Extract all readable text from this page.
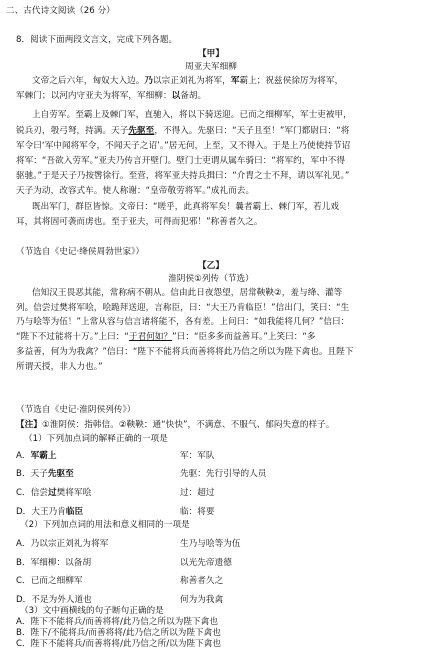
二、古代诗文阅读（26 分）
8．阅读下面两段文言文，完成下列各题。
【甲】
周亚夫军细柳
文帝之后六年，匈奴大入边。乃以宗正刘礼为将军，军霸上；祝兹侯徐厉为将军，
军棘门；以河内守亚夫为将军，军细柳：以备胡。
上自劳军。至霸上及棘门军，直驰入，将以下骑送迎。已而之细柳军，军士吏被甲，
锐兵刃，彀弓弩，持满。天子先驱至，不得入。先驱曰：“天子且至！”军门都尉曰：“将
军令曰‘军中闻将军令，不闻天子之诏’。”居无何，上至，又不得入。于是上乃使使持节诏
将军：“吾欲入劳军。”亚夫乃传言开壁门。壁门士吏谓从属车骑曰：“将军约，军中不得
驱驰。”于是天子乃按辔徐行。至营，将军亚夫持兵揖曰：“介胄之士不拜，请以军礼见。”
天子为动，改容式车。使人称谢：“皇帝敬劳将军。”成礼而去。
既出军门，群臣皆惊。文帝曰：“嗟乎，此真将军矣！曩者霸上、棘门军，若儿戏
耳，其将固可袭而虏也。至于亚夫，可得而犯邪！”称善者久之。
（节选自《史记·绛侯周勃世家》）
【乙】
淮阴侯①列传（节选）
信知汉王畏恶其能，常称病不朝从。信由此日夜怨望，居常鞅鞅②，羞与绛、灌等
列。信尝过樊将军哙，哙跪拜送迎，言称臣，曰：“大王乃肯临臣！”信出门，笑曰：“生
乃与哙等为伍！”上常从容与信言诸将能不，各有差。上问曰：“如我能将几何？”信曰：
“陛下不过能将十万。”上曰：“于君何如？”曰：“臣多多而益善耳。”上笑曰：“多
多益善，何为为我禽？”信曰：“陛下不能将兵而善将将此乃信之所以为陛下禽也。且陛下
所谓天授，非人力也。”
（节选自《史记·淮阴侯列传》）
【注】①淮阴侯：指韩信。②鞅鞅：通“快快”，不满意、不服气、郁闷失意的样子。
（1）下列加点词的解释正确的一项是
A．军霸上	军：军队
B．天子先驱至	先驱：先行引导的人员
C．信尝过樊将军哙	过：超过
D．大王乃肯临臣	临：将要
（2）下列加点词的用法和意义相同的一项是
A．乃以宗正刘礼为将军	生乃与哙等为伍
B．军细柳：以备胡	以光先帝遗德
C．已而之细柳军	称善者久之
D．不足为外人道也	何为为我禽
（3）文中画横线的句子断句正确的是
A．陛下不能将兵/而善将将/此乃信之所以为陛下禽也
B．陛下/不能将兵/而善将将/此乃信之所以为陛下禽也
C．陛下不能将兵/而善将将/此乃信之所/以为陛下禽也
